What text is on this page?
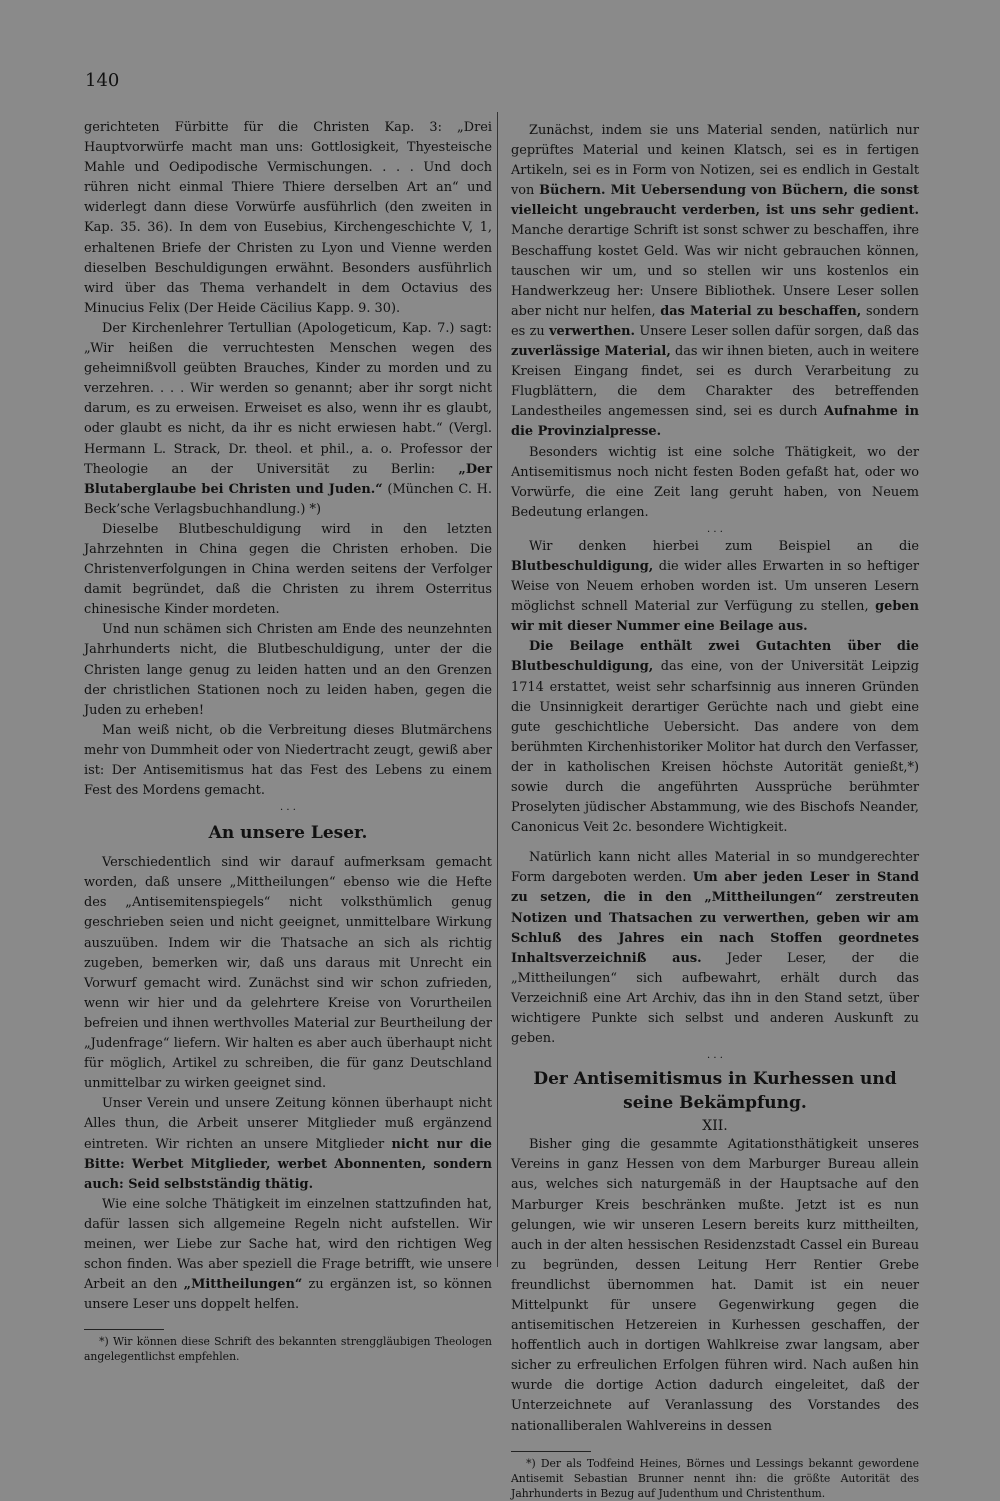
140

gerichteten Fürbitte für die Christen Kap. 3: „Drei Hauptvorwürfe macht man uns: Gottlosigkeit, Thyesteische Mahle und Oedipodische Vermischungen. . . . Und doch rühren nicht einmal Thiere Thiere derselben Art an“ und widerlegt dann diese Vorwürfe ausführlich (den zweiten in Kap. 35. 36). In dem von Eusebius, Kirchengeschichte V, 1, erhaltenen Briefe der Christen zu Lyon und Vienne werden dieselben Beschuldigungen erwähnt. Besonders ausführlich wird über das Thema verhandelt in dem Octavius des Minucius Felix (Der Heide Cäcilius Kapp. 9. 30).

Der Kirchenlehrer Tertullian (Apologeticum, Kap. 7.) sagt: „Wir heißen die verruchtesten Menschen wegen des geheimnißvoll geübten Brauches, Kinder zu morden und zu verzehren. . . . Wir werden so genannt; aber ihr sorgt nicht darum, es zu erweisen. Erweiset es also, wenn ihr es glaubt, oder glaubt es nicht, da ihr es nicht erwiesen habt.“ (Vergl. Hermann L. Strack, Dr. theol. et phil., a. o. Professor der Theologie an der Universität zu Berlin: „Der Blutaberglaube bei Christen und Juden.“ (München C. H. Beck’sche Verlagsbuchhandlung.) *)

Dieselbe Blutbeschuldigung wird in den letzten Jahrzehnten in China gegen die Christen erhoben. Die Christenverfolgungen in China werden seitens der Verfolger damit begründet, daß die Christen zu ihrem Osterritus chinesische Kinder mordeten.

Und nun schämen sich Christen am Ende des neunzehnten Jahrhunderts nicht, die Blutbeschuldigung, unter der die Christen lange genug zu leiden hatten und an den Grenzen der christlichen Stationen noch zu leiden haben, gegen die Juden zu erheben!

Man weiß nicht, ob die Verbreitung dieses Blutmärchens mehr von Dummheit oder von Niedertracht zeugt, gewiß aber ist: Der Antisemitismus hat das Fest des Lebens zu einem Fest des Mordens gemacht.

· · ·
An unsere Leser.

Verschiedentlich sind wir darauf aufmerksam gemacht worden, daß unsere „Mittheilungen“ ebenso wie die Hefte des „Antisemitenspiegels“ nicht volksthümlich genug geschrieben seien und nicht geeignet, unmittelbare Wirkung auszuüben. Indem wir die Thatsache an sich als richtig zugeben, bemerken wir, daß uns daraus mit Unrecht ein Vorwurf gemacht wird. Zunächst sind wir schon zufrieden, wenn wir hier und da gelehrtere Kreise von Vorurtheilen befreien und ihnen werthvolles Material zur Beurtheilung der „Judenfrage“ liefern. Wir halten es aber auch überhaupt nicht für möglich, Artikel zu schreiben, die für ganz Deutschland unmittelbar zu wirken geeignet sind.

Unser Verein und unsere Zeitung können überhaupt nicht Alles thun, die Arbeit unserer Mitglieder muß ergänzend eintreten. Wir richten an unsere Mitglieder nicht nur die Bitte: Werbet Mitglieder, werbet Abonnenten, sondern auch: Seid selbstständig thätig.

Wie eine solche Thätigkeit im einzelnen stattzufinden hat, dafür lassen sich allgemeine Regeln nicht aufstellen. Wir meinen, wer Liebe zur Sache hat, wird den richtigen Weg schon finden. Was aber speziell die Frage betrifft, wie unsere Arbeit an den „Mittheilungen“ zu ergänzen ist, so können unsere Leser uns doppelt helfen.

*) Wir können diese Schrift des bekannten strenggläubigen Theologen angelegentlichst empfehlen.

Zunächst, indem sie uns Material senden, natürlich nur geprüftes Material und keinen Klatsch, sei es in fertigen Artikeln, sei es in Form von Notizen, sei es endlich in Gestalt von Büchern. Mit Uebersendung von Büchern, die sonst vielleicht ungebraucht verderben, ist uns sehr gedient. Manche derartige Schrift ist sonst schwer zu beschaffen, ihre Beschaffung kostet Geld. Was wir nicht gebrauchen können, tauschen wir um, und so stellen wir uns kostenlos ein Handwerkzeug her: Unsere Bibliothek. Unsere Leser sollen aber nicht nur helfen, das Material zu beschaffen, sondern es zu verwerthen. Unsere Leser sollen dafür sorgen, daß das zuverlässige Material, das wir ihnen bieten, auch in weitere Kreisen Eingang findet, sei es durch Verarbeitung zu Flugblättern, die dem Charakter des betreffenden Landestheiles angemessen sind, sei es durch Aufnahme in die Provinzialpresse.

Besonders wichtig ist eine solche Thätigkeit, wo der Antisemitismus noch nicht festen Boden gefaßt hat, oder wo Vorwürfe, die eine Zeit lang geruht haben, von Neuem Bedeutung erlangen.

· · ·

Wir denken hierbei zum Beispiel an die Blutbeschuldigung, die wider alles Erwarten in so heftiger Weise von Neuem erhoben worden ist. Um unseren Lesern möglichst schnell Material zur Verfügung zu stellen, geben wir mit dieser Nummer eine Beilage aus.

Die Beilage enthält zwei Gutachten über die Blutbeschuldigung, das eine, von der Universität Leipzig 1714 erstattet, weist sehr scharfsinnig aus inneren Gründen die Unsinnigkeit derartiger Gerüchte nach und giebt eine gute geschichtliche Uebersicht. Das andere von dem berühmten Kirchenhistoriker Molitor hat durch den Verfasser, der in katholischen Kreisen höchste Autorität genießt,*) sowie durch die angeführten Aussprüche berühmter Proselyten jüdischer Abstammung, wie des Bischofs Neander, Canonicus Veit 2c. besondere Wichtigkeit.

Natürlich kann nicht alles Material in so mundgerechter Form dargeboten werden. Um aber jeden Leser in Stand zu setzen, die in den „Mittheilungen“ zerstreuten Notizen und Thatsachen zu verwerthen, geben wir am Schluß des Jahres ein nach Stoffen geordnetes Inhaltsverzeichniß aus. Jeder Leser, der die „Mittheilungen“ sich aufbewahrt, erhält durch das Verzeichniß eine Art Archiv, das ihn in den Stand setzt, über wichtigere Punkte sich selbst und anderen Auskunft zu geben.

· · ·
Der Antisemitismus in Kurhessen und seine Bekämpfung.
XII.

Bisher ging die gesammte Agitationsthätigkeit unseres Vereins in ganz Hessen von dem Marburger Bureau allein aus, welches sich naturgemäß in der Hauptsache auf den Marburger Kreis beschränken mußte. Jetzt ist es nun gelungen, wie wir unseren Lesern bereits kurz mittheilten, auch in der alten hessischen Residenzstadt Cassel ein Bureau zu begründen, dessen Leitung Herr Rentier Grebe freundlichst übernommen hat. Damit ist ein neuer Mittelpunkt für unsere Gegenwirkung gegen die antisemitischen Hetzereien in Kurhessen geschaffen, der hoffentlich auch in dortigen Wahlkreise zwar langsam, aber sicher zu erfreulichen Erfolgen führen wird. Nach außen hin wurde die dortige Action dadurch eingeleitet, daß der Unterzeichnete auf Veranlassung des Vorstandes des nationalliberalen Wahlvereins in dessen

*) Der als Todfeind Heines, Börnes und Lessings bekannt gewordene Antisemit Sebastian Brunner nennt ihn: die größte Autorität des Jahrhunderts in Bezug auf Judenthum und Christenthum.
